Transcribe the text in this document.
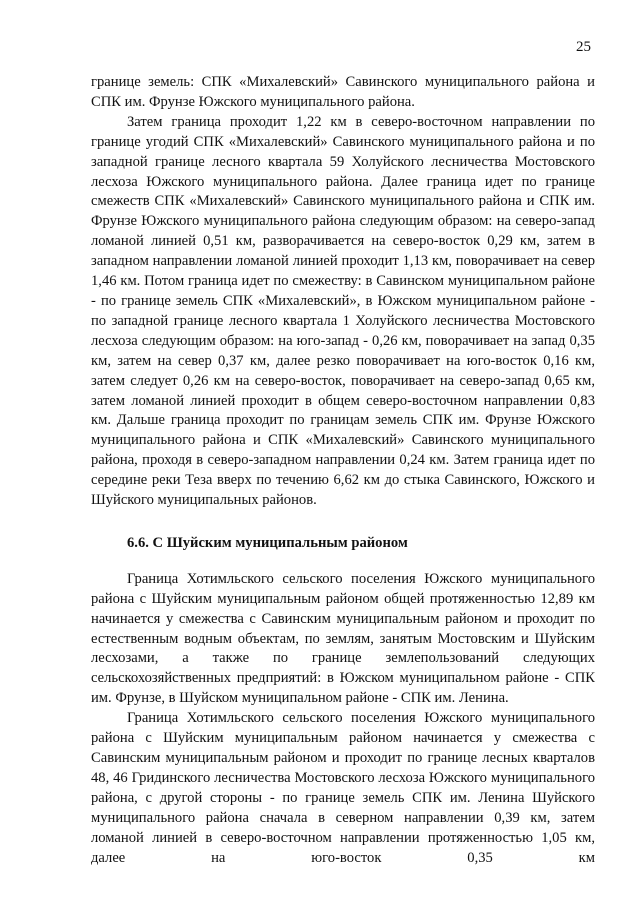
25

границе земель: СПК «Михалевский» Савинского муниципального района и СПК им. Фрунзе Южского муниципального района.

Затем граница проходит 1,22 км в северо-восточном направлении по границе угодий СПК «Михалевский» Савинского муниципального района и по западной границе лесного квартала 59 Холуйского лесничества Мостовского лесхоза Южского муниципального района. Далее граница идет по границе смежеств СПК «Михалевский» Савинского муниципального района и СПК им. Фрунзе Южского муниципального района следующим образом: на северо-запад ломаной линией 0,51 км, разворачивается на северо-восток 0,29 км, затем в западном направлении ломаной линией проходит 1,13 км, поворачивает на север 1,46 км. Потом граница идет по смежеству: в Савинском муниципальном районе - по границе земель СПК «Михалевский», в Южском муниципальном районе - по западной границе лесного квартала 1 Холуйского лесничества Мостовского лесхоза следующим образом: на юго-запад - 0,26 км, поворачивает на запад 0,35 км, затем на север 0,37 км, далее резко поворачивает на юго-восток 0,16 км, затем следует 0,26 км на северо-восток, поворачивает на северо-запад 0,65 км, затем ломаной линией проходит в общем северо-восточном направлении 0,83 км. Дальше граница проходит по границам земель СПК им. Фрунзе Южского муниципального района и СПК «Михалевский» Савинского муниципального района, проходя в северо-западном направлении 0,24 км. Затем граница идет по середине реки Теза вверх по течению 6,62 км до стыка Савинского, Южского и Шуйского муниципальных районов.

6.6. С Шуйским муниципальным районом

Граница Хотимльского сельского поселения Южского муниципального района с Шуйским муниципальным районом общей протяженностью 12,89 км начинается у смежества с Савинским муниципальным районом и проходит по естественным водным объектам, по землям, занятым Мостовским и Шуйским лесхозами, а также по границе землепользований следующих сельскохозяйственных предприятий: в Южском муниципальном районе - СПК им. Фрунзе, в Шуйском муниципальном районе - СПК им. Ленина.

Граница Хотимльского сельского поселения Южского муниципального района с Шуйским муниципальным районом начинается у смежества с Савинским муниципальным районом и проходит по границе лесных кварталов 48, 46 Гридинского лесничества Мостовского лесхоза Южского муниципального района, с другой стороны - по границе земель СПК им. Ленина Шуйского муниципального района сначала в северном направлении 0,39 км, затем ломаной линией в северо-восточном направлении протяженностью 1,05 км, далее на юго-восток 0,35 км
